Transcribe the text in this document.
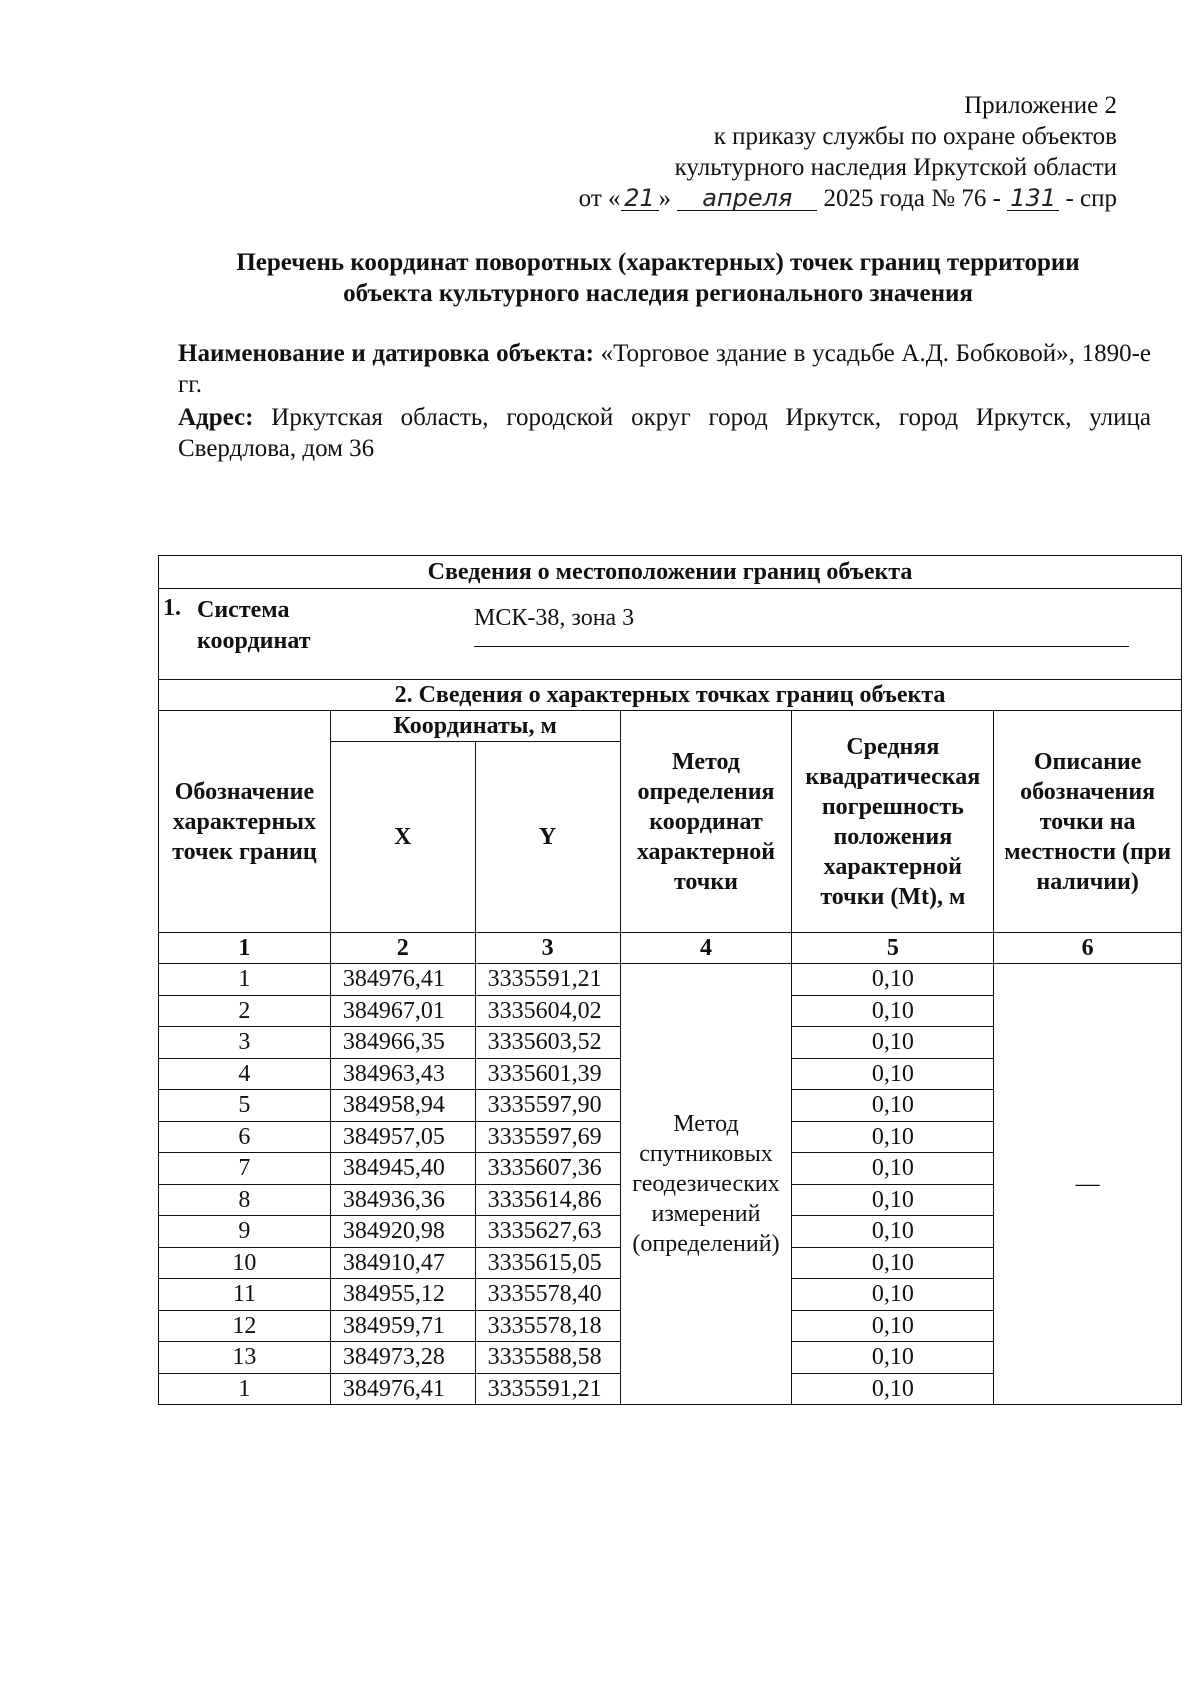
Приложение 2
к приказу службы по охране объектов
культурного наследия Иркутской области
от « 21 » апреля 2025 года № 76 - 131 - спр
Перечень координат поворотных (характерных) точек границ территории
объекта культурного наследия регионального значения

Наименование и датировка объекта: «Торговое здание в усадьбе А.Д. Бобковой», 1890-е гг.

Адрес: Иркутская область, городской округ город Иркутск, город Иркутск, улица Свердлова, дом 36

Сведения о местоположении границ объекта					

1. Система
координат
МСК-38, зона 3					

2. Сведения о характерных точках границ объекта					
Обозначение характерных точек границ	Координаты, м		Метод определения координат характерной точки	Средняя квадратическая погрешность положения характерной точки (Mt), м	Описание обозначения точки на местности (при наличии)
	X	Y			
1	2	3	4	5	6
1	384976,41	3335591,21	Метод спутниковых геодезических измерений (определений)	0,10	—
2	384967,01	3335604,02		0,10	
3	384966,35	3335603,52		0,10	
4	384963,43	3335601,39		0,10	
5	384958,94	3335597,90		0,10	
6	384957,05	3335597,69		0,10	
7	384945,40	3335607,36		0,10	
8	384936,36	3335614,86		0,10	
9	384920,98	3335627,63		0,10	
10	384910,47	3335615,05		0,10	
11	384955,12	3335578,40		0,10	
12	384959,71	3335578,18		0,10	
13	384973,28	3335588,58		0,10	
1	384976,41	3335591,21		0,10	
